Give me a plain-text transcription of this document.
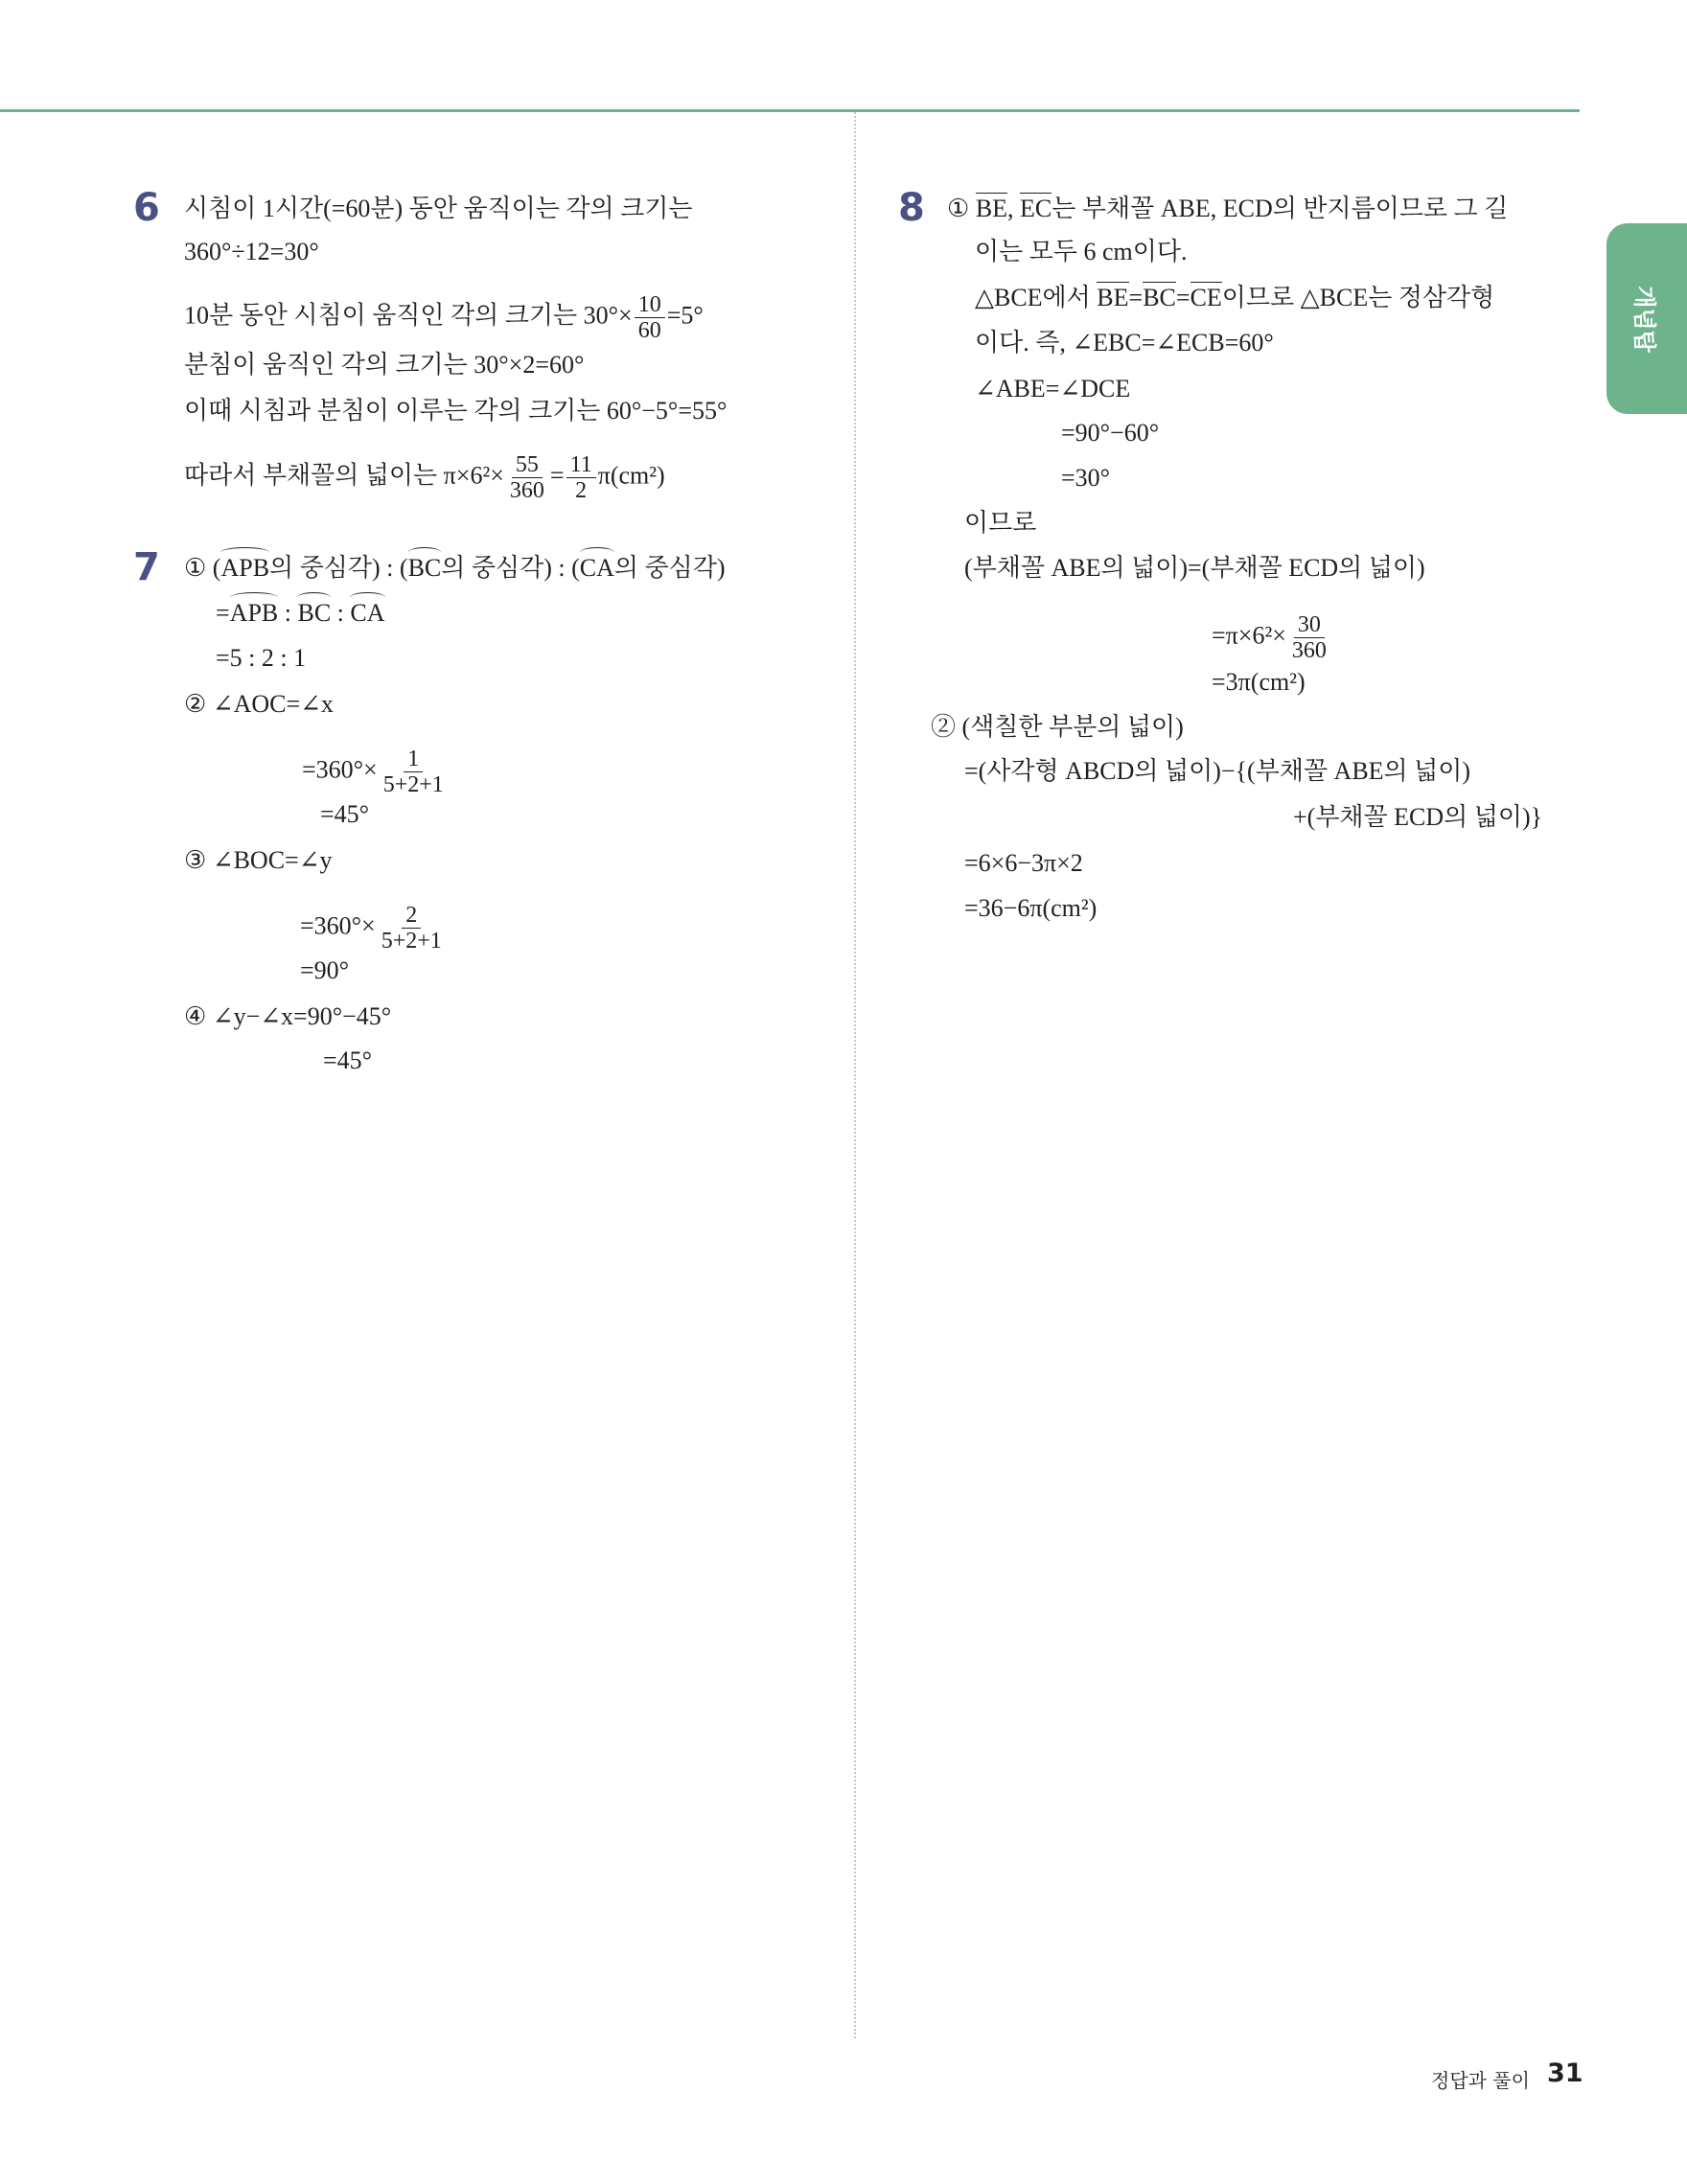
개념탑
6 시침이 1시간(=60분) 동안 움직이는 각의 크기는
360°÷12=30°
10분 동안 시침이 움직인 각의 크기는 $30^\circ\times \frac{10}{60} =5^\circ$
분침이 움직인 각의 크기는 30°×2=60°
이때 시침과 분침이 이루는 각의 크기는 60°−5°=55°
따라서 부채꼴의 넓이는 $\pi\times 6^2\times \frac{55}{360} = \frac{11}{2} \pi(cm^2)$
7 ① (APB의 중심각) : (BC의 중심각) : (CA의 중심각)
=APB : BC : CA
=5 : 2 : 1
② ∠AOC=∠x
$=360^\circ\times \frac{1}{5+2+1}$
=45°
③ ∠BOC=∠y
$=360^\circ\times \frac{2}{5+2+1}$
=90°
④ ∠y−∠x=90°−45°
=45°
8 ① BE, EC는 부채꼴 ABE, ECD의 반지름이므로 그 길
이는 모두 6 cm이다.
△BCE에서 BE=BC=CE이므로 △BCE는 정삼각형
이다. 즉, ∠EBC=∠ECB=60°
∠ABE=∠DCE
=90°−60°
=30°
이므로
(부채꼴 ABE의 넓이)=(부채꼴 ECD의 넓이)
$=\pi\times 6^2\times \frac{30}{360}$
=3π(cm²)
② (색칠한 부분의 넓이)
=(사각형 ABCD의 넓이)−{(부채꼴 ABE의 넓이)
+(부채꼴 ECD의 넓이)}
=6×6−3π×2
=36−6π(cm²)
정답과 풀이 31
